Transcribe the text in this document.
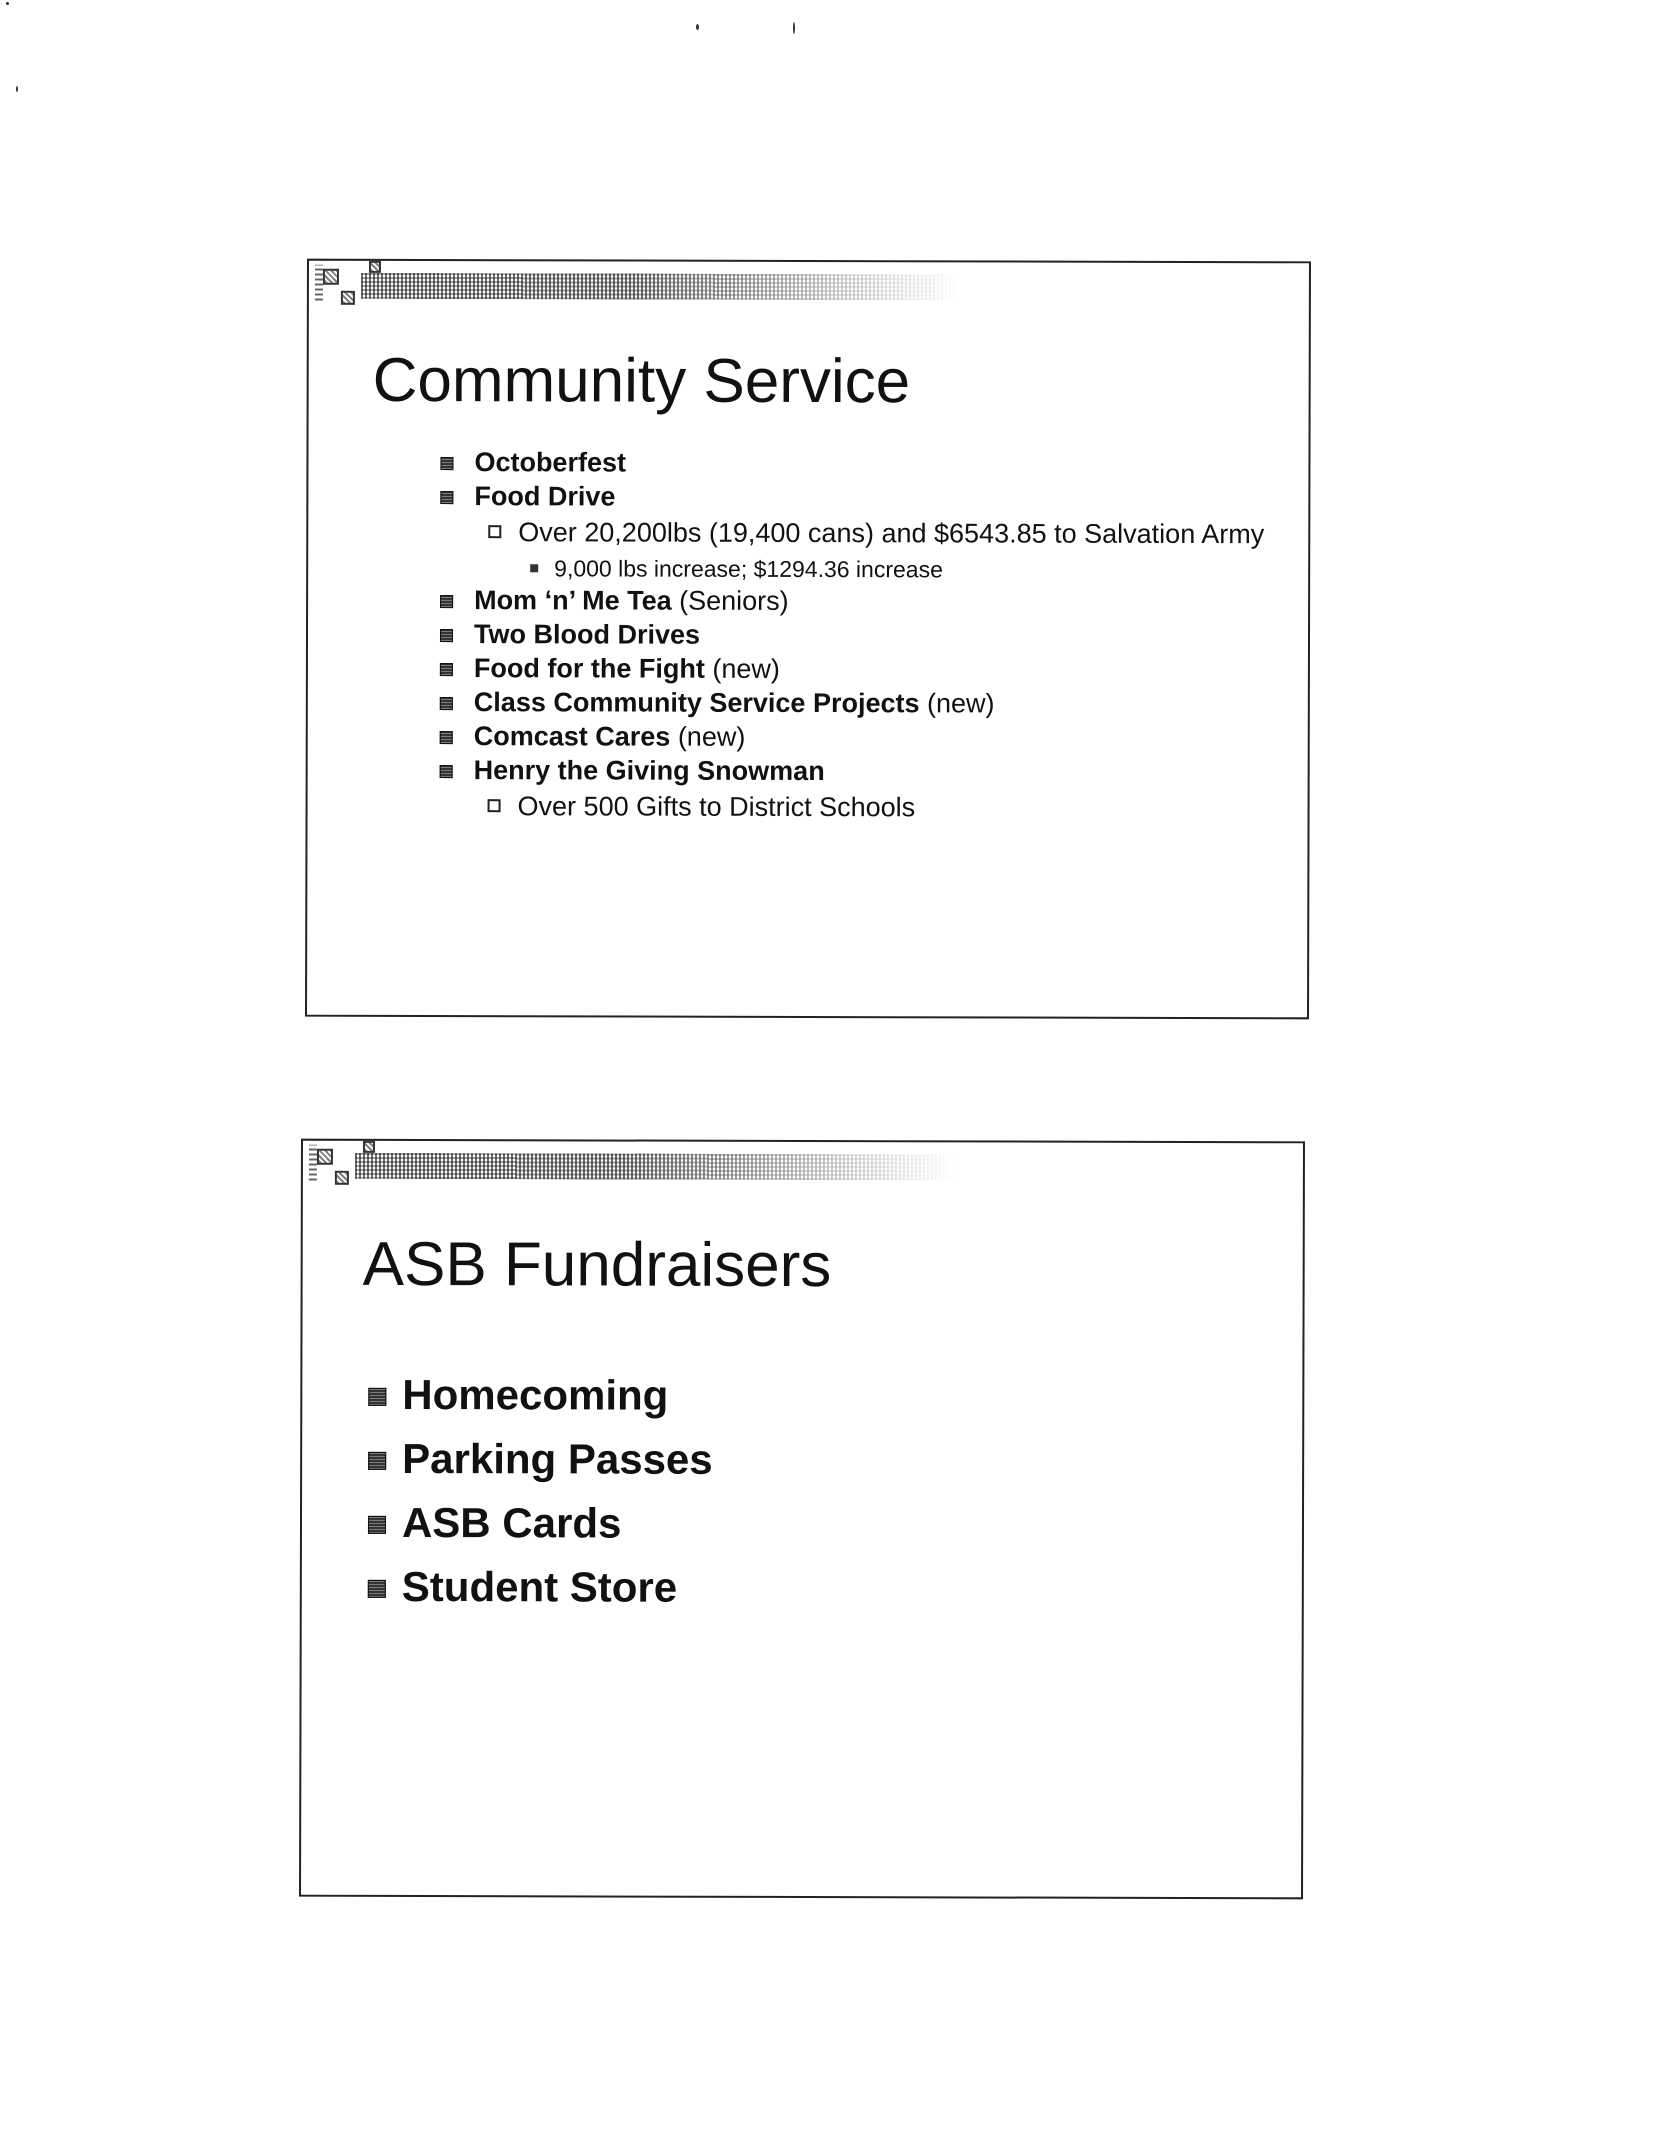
Community Service
Octoberfest
Food Drive
Over 20,200lbs (19,400 cans) and $6543.85 to Salvation Army
9,000 lbs increase; $1294.36 increase
Mom ‘n’ Me Tea (Seniors)
Two Blood Drives
Food for the Fight (new)
Class Community Service Projects (new)
Comcast Cares (new)
Henry the Giving Snowman
Over 500 Gifts to District Schools
ASB Fundraisers
Homecoming
Parking Passes
ASB Cards
Student Store
